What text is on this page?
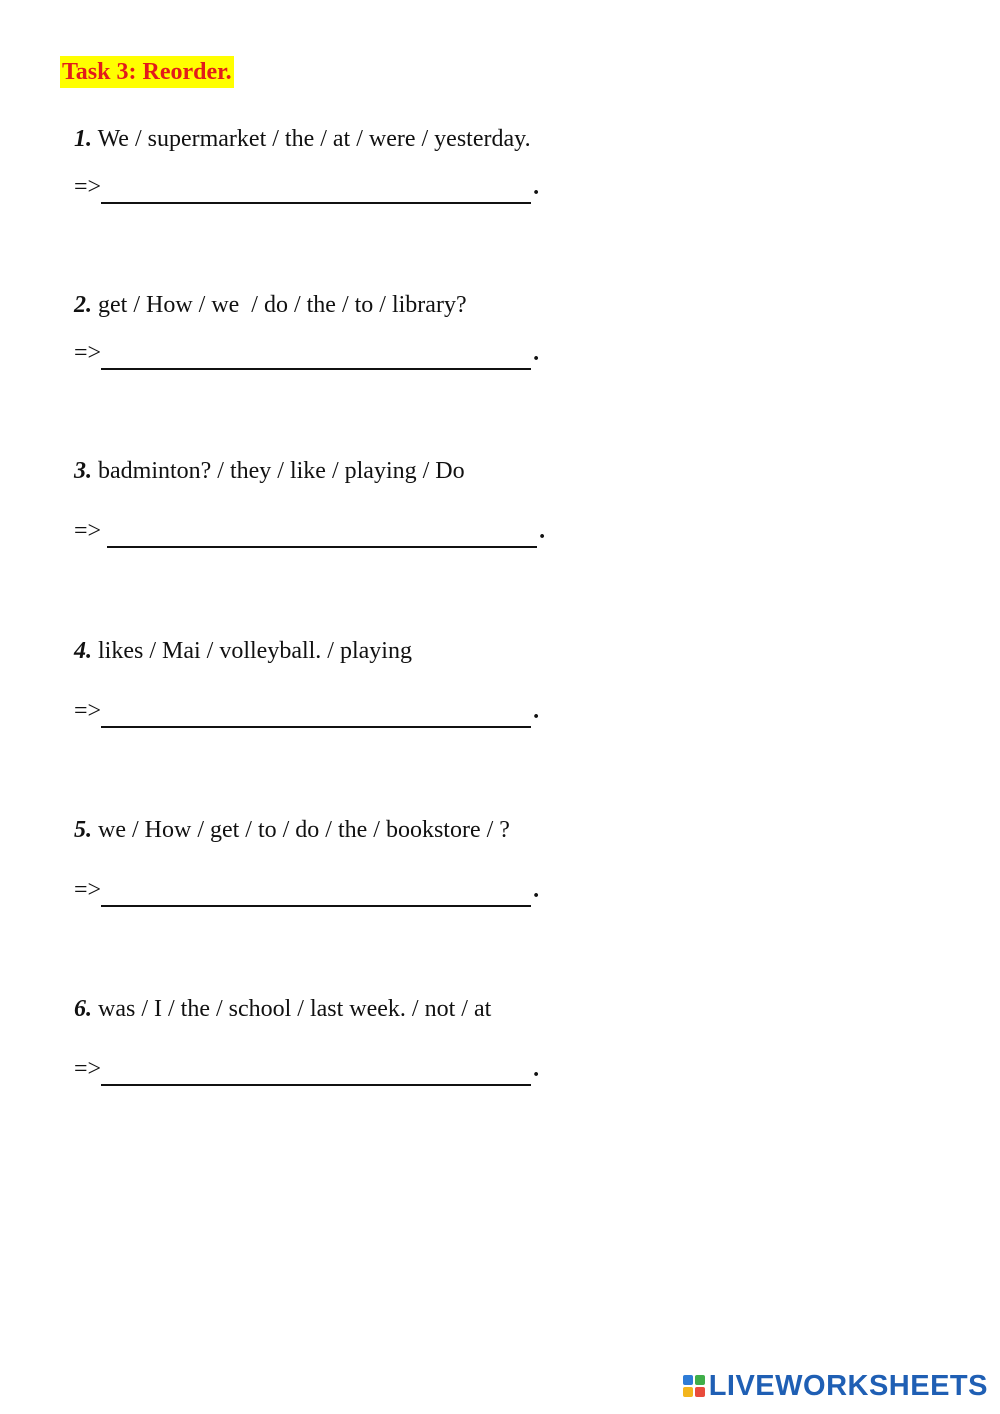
Task 3: Reorder.
1. We / supermarket / the / at / were / yesterday.
=>	.
2. get / How / we  / do / the / to / library?
=>	.
3. badminton? / they / like / playing / Do
=>	.
4. likes / Mai / volleyball. / playing
=>	.
5. we / How / get / to / do / the / bookstore / ?
=>	.
6. was / I / the / school / last week. / not / at
=>	.
LIVEWORKSHEETS
